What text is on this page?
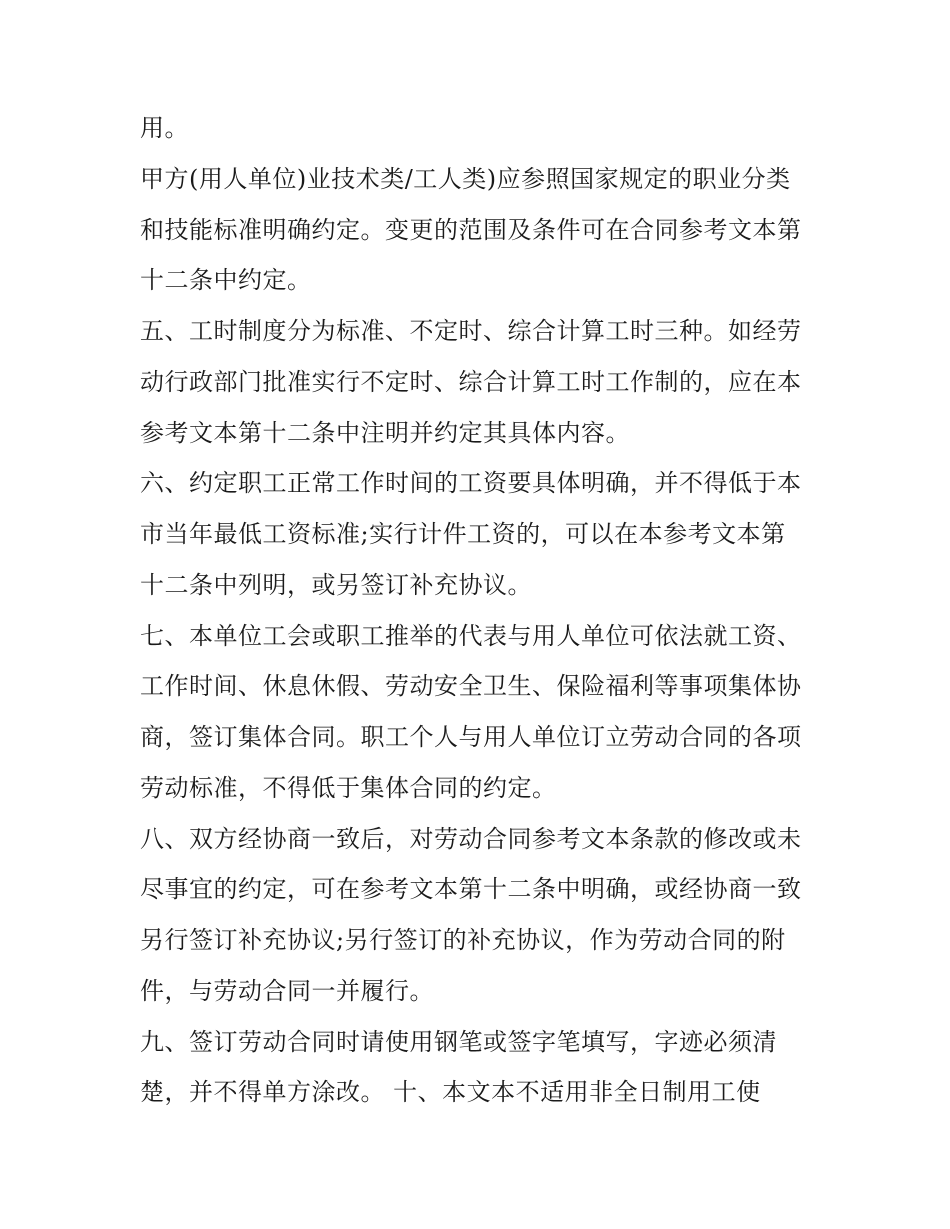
用。
甲方(用人单位)业技术类/工人类)应参照国家规定的职业分类
和技能标准明确约定。变更的范围及条件可在合同参考文本第
十二条中约定。
五、工时制度分为标准、不定时、综合计算工时三种。如经劳
动行政部门批准实行不定时、综合计算工时工作制的，应在本
参考文本第十二条中注明并约定其具体内容。
六、约定职工正常工作时间的工资要具体明确，并不得低于本
市当年最低工资标准;实行计件工资的，可以在本参考文本第
十二条中列明，或另签订补充协议。
七、本单位工会或职工推举的代表与用人单位可依法就工资、
工作时间、休息休假、劳动安全卫生、保险福利等事项集体协
商，签订集体合同。职工个人与用人单位订立劳动合同的各项
劳动标准，不得低于集体合同的约定。
八、双方经协商一致后，对劳动合同参考文本条款的修改或未
尽事宜的约定，可在参考文本第十二条中明确，或经协商一致
另行签订补充协议;另行签订的补充协议，作为劳动合同的附
件，与劳动合同一并履行。
九、签订劳动合同时请使用钢笔或签字笔填写，字迹必须清
楚，并不得单方涂改。 十、本文本不适用非全日制用工使
